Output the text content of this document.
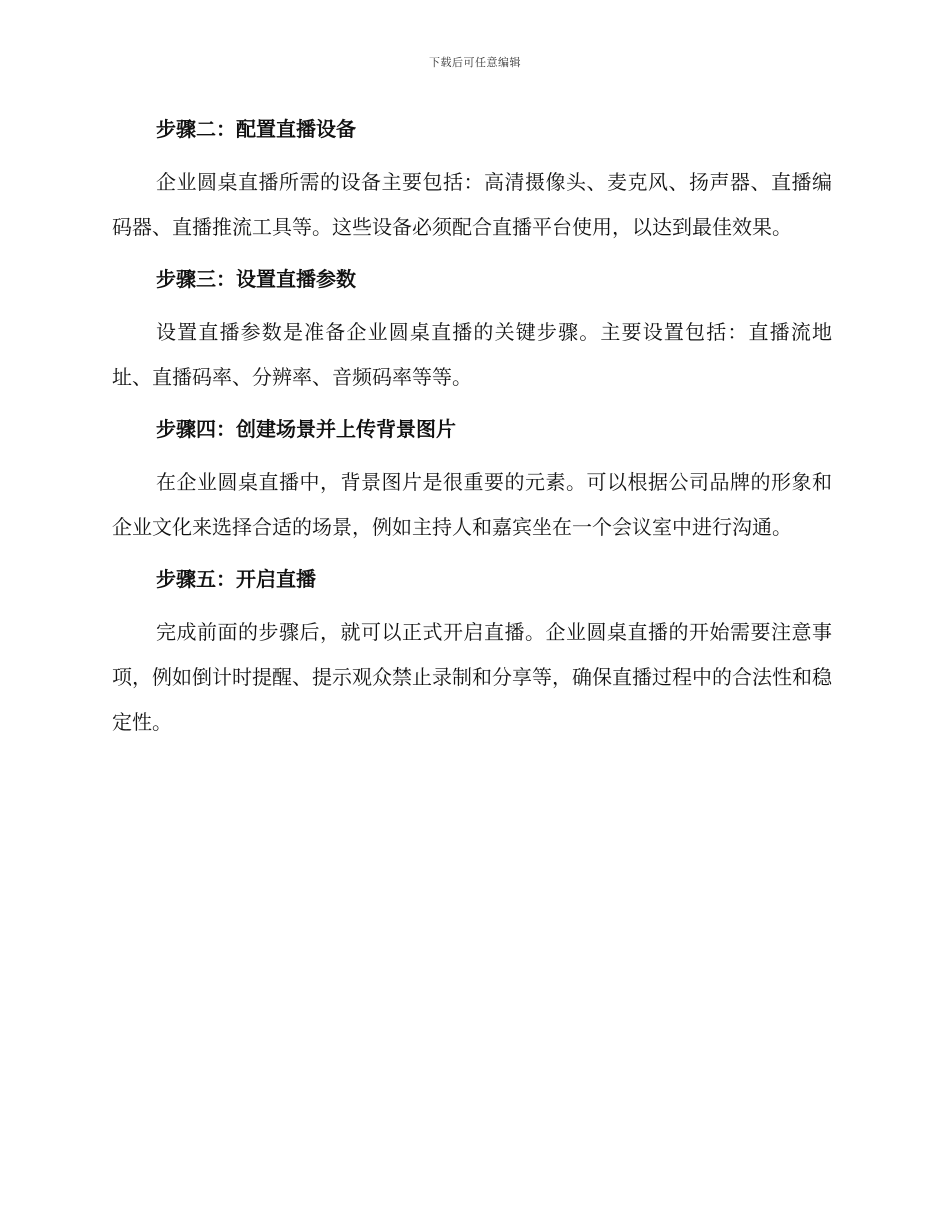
下载后可任意编辑
步骤二：配置直播设备

企业圆桌直播所需的设备主要包括：高清摄像头、麦克风、扬声器、直播编码器、直播推流工具等。这些设备必须配合直播平台使用，以达到最佳效果。

步骤三：设置直播参数

设置直播参数是准备企业圆桌直播的关键步骤。主要设置包括：直播流地址、直播码率、分辨率、音频码率等等。

步骤四：创建场景并上传背景图片

在企业圆桌直播中，背景图片是很重要的元素。可以根据公司品牌的形象和企业文化来选择合适的场景，例如主持人和嘉宾坐在一个会议室中进行沟通。

步骤五：开启直播

完成前面的步骤后，就可以正式开启直播。企业圆桌直播的开始需要注意事项，例如倒计时提醒、提示观众禁止录制和分享等，确保直播过程中的合法性和稳定性。
